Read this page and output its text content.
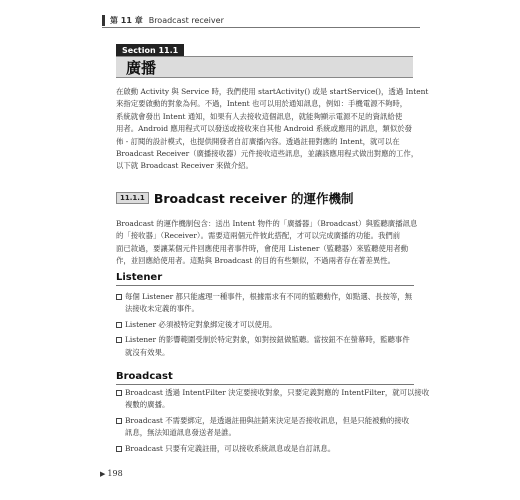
第 11 章 Broadcast receiver
Section 11.1
廣播

在啟動 Activity 與 Service 時，我們使用 startActivity() 或是 startService()，透過 Intent

來指定要啟動的對象為何。不過，Intent 也可以用於通知訊息，例如：手機電源不夠時，

系統就會發出 Intent 通知，如果有人去接收這個訊息，就能夠顯示電源不足的資訊給使

用者。Android 應用程式可以發送或接收來自其他 Android 系統或應用的訊息，類似於發

佈 - 訂閱的設計模式，也提供開發者自訂廣播內容。透過註冊對應的 Intent，就可以在

Broadcast Receiver（廣播接收器）元件接收這些訊息，並讓該應用程式做出對應的工作，

以下就 Broadcast Receiver 來做介紹。

11.1.1 Broadcast receiver 的運作機制

Broadcast 的運作機制包含：送出 Intent 物件的「廣播器」（Broadcast）與監聽廣播訊息

的「接收器」（Receiver）。需要這兩個元件彼此搭配，才可以完成廣播的功能。我們前

面已敘過，要讓某個元件回應使用者事件時，會使用 Listener（監聽器）來監聽使用者動

作，並回應給使用者。這點與 Broadcast 的目的有些類似，不過兩者存在著差異性。

Listener

每個 Listener 都只能處理一種事件，根據需求有不同的監聽動作，如點選、長按等，無

法接收未定義的事件。

Listener 必須被特定對象綁定後才可以使用。

Listener 的影響範圍受制於特定對象，如對按鈕做監聽。當按鈕不在螢幕時，監聽事件

就沒有效果。

Broadcast

Broadcast 透過 IntentFilter 決定要接收對象，只要定義對應的 IntentFilter，就可以接收

複數的廣播。

Broadcast 不需要綁定，是透過註冊與註銷來決定是否接收訊息，但是只能被動的接收

訊息，無法知道訊息發送者是誰。

Broadcast 只要有定義註冊，可以接收系統訊息或是自訂訊息。

▶ 198
